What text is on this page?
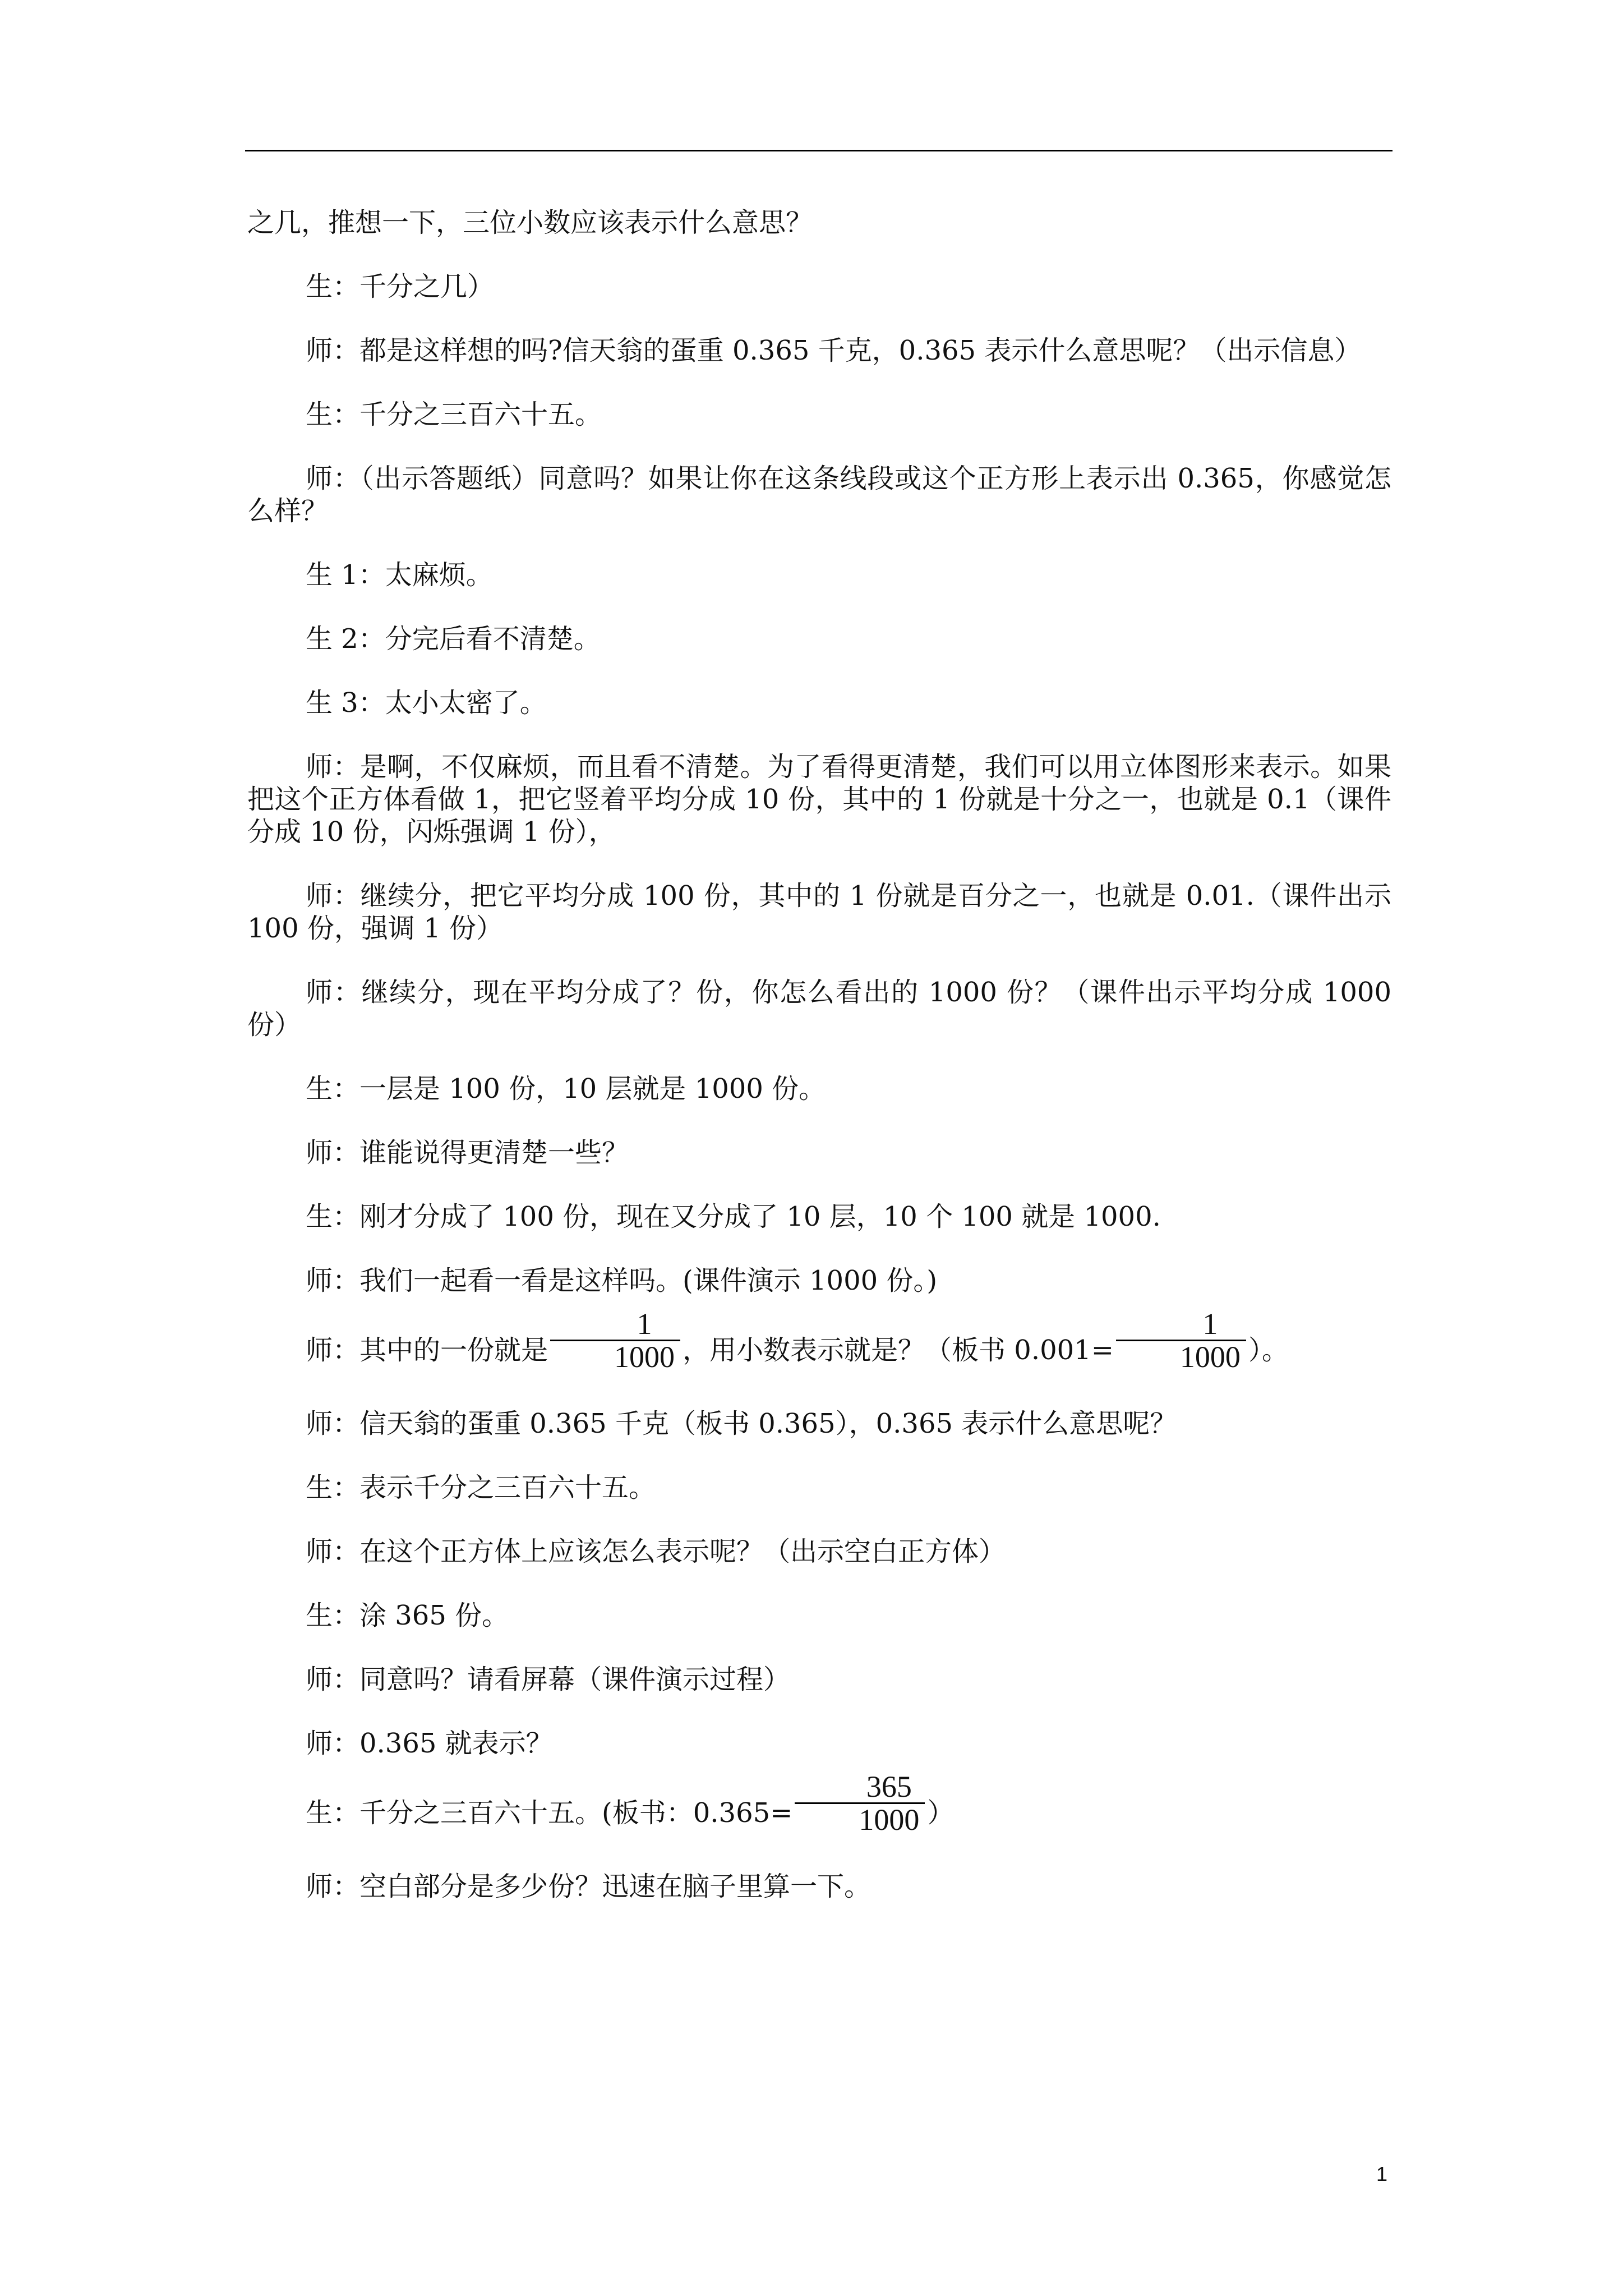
之几，推想一下，三位小数应该表示什么意思？

生：千分之几）

师：都是这样想的吗?信天翁的蛋重 0.365 千克，0.365 表示什么意思呢？（出示信息）

生：千分之三百六十五。

师：（出示答题纸）同意吗？如果让你在这条线段或这个正方形上表示出 0.365，你感觉怎么样？

生 1：太麻烦。

生 2：分完后看不清楚。

生 3：太小太密了。

师：是啊，不仅麻烦，而且看不清楚。为了看得更清楚，我们可以用立体图形来表示。如果把这个正方体看做 1，把它竖着平均分成 10 份，其中的 1 份就是十分之一，也就是 0.1（课件分成 10 份，闪烁强调 1 份），

师：继续分，把它平均分成 100 份，其中的 1 份就是百分之一，也就是 0.01.（课件出示 100 份，强调 1 份）

师：继续分，现在平均分成了？份，你怎么看出的 1000 份？（课件出示平均分成 1000 份）

生：一层是 100 份，10 层就是 1000 份。

师：谁能说得更清楚一些？

生：刚才分成了 100 份，现在又分成了 10 层，10 个 100 就是 1000.

师：我们一起看一看是这样吗。(课件演示 1000 份。)

师：其中的一份就是 $\frac{1}{1000}$ ，用小数表示就是？（板书 $0.001= \frac{1}{1000}$ ）。

师：信天翁的蛋重 0.365 千克（板书 0.365），0.365 表示什么意思呢？

生：表示千分之三百六十五。

师：在这个正方体上应该怎么表示呢？（出示空白正方体）

生：涂 365 份。

师：同意吗？请看屏幕（课件演示过程）

师：0.365 就表示？

生：千分之三百六十五。(板书：$0.365= \frac{365}{1000}$ ）

师：空白部分是多少份？迅速在脑子里算一下。

1
